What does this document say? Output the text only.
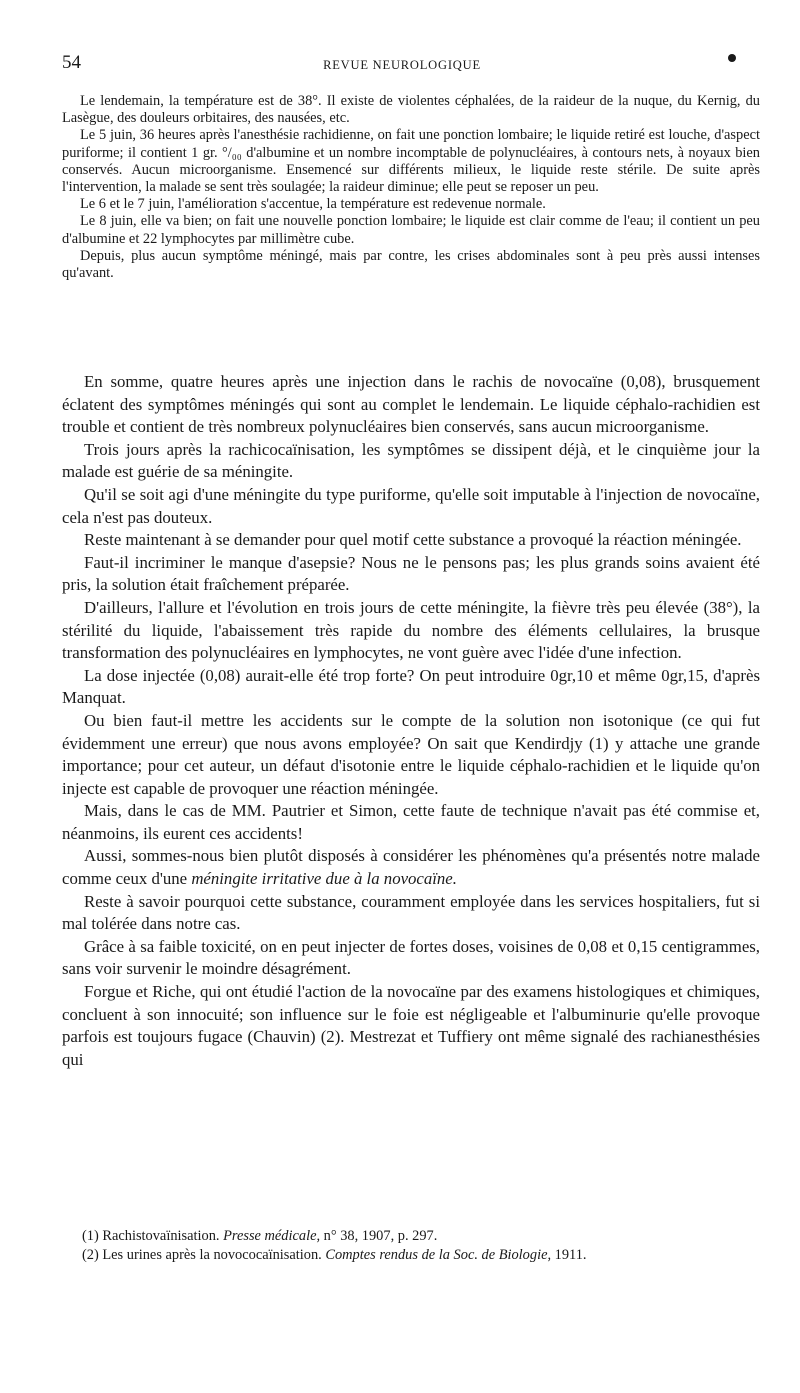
54	REVUE NEUROLOGIQUE

Le lendemain, la température est de 38°. Il existe de violentes céphalées, de la raideur de la nuque, du Kernig, du Lasègue, des douleurs orbitaires, des nausées, etc.

Le 5 juin, 36 heures après l'anesthésie rachidienne, on fait une ponction lombaire; le liquide retiré est louche, d'aspect puriforme; il contient 1 gr. °/₀₀ d'albumine et un nombre incomptable de polynucléaires, à contours nets, à noyaux bien conservés. Aucun microorganisme. Ensemencé sur différents milieux, le liquide reste stérile. De suite après l'intervention, la malade se sent très soulagée; la raideur diminue; elle peut se reposer un peu.

Le 6 et le 7 juin, l'amélioration s'accentue, la température est redevenue normale.

Le 8 juin, elle va bien; on fait une nouvelle ponction lombaire; le liquide est clair comme de l'eau; il contient un peu d'albumine et 22 lymphocytes par millimètre cube.

Depuis, plus aucun symptôme méningé, mais par contre, les crises abdominales sont à peu près aussi intenses qu'avant.

En somme, quatre heures après une injection dans le rachis de novocaïne (0,08), brusquement éclatent des symptômes méningés qui sont au complet le lendemain. Le liquide céphalo-rachidien est trouble et contient de très nombreux polynucléaires bien conservés, sans aucun microorganisme.

Trois jours après la rachicocaïnisation, les symptômes se dissipent déjà, et le cinquième jour la malade est guérie de sa méningite.

Qu'il se soit agi d'une méningite du type puriforme, qu'elle soit imputable à l'injection de novocaïne, cela n'est pas douteux.

Reste maintenant à se demander pour quel motif cette substance a provoqué la réaction méningée.

Faut-il incriminer le manque d'asepsie? Nous ne le pensons pas; les plus grands soins avaient été pris, la solution était fraîchement préparée.

D'ailleurs, l'allure et l'évolution en trois jours de cette méningite, la fièvre très peu élevée (38°), la stérilité du liquide, l'abaissement très rapide du nombre des éléments cellulaires, la brusque transformation des polynucléaires en lymphocytes, ne vont guère avec l'idée d'une infection.

La dose injectée (0,08) aurait-elle été trop forte? On peut introduire 0gr,10 et même 0gr,15, d'après Manquat.

Ou bien faut-il mettre les accidents sur le compte de la solution non isotonique (ce qui fut évidemment une erreur) que nous avons employée? On sait que Kendirdjy (1) y attache une grande importance; pour cet auteur, un défaut d'isotonie entre le liquide céphalo-rachidien et le liquide qu'on injecte est capable de provoquer une réaction méningée.

Mais, dans le cas de MM. Pautrier et Simon, cette faute de technique n'avait pas été commise et, néanmoins, ils eurent ces accidents!

Aussi, sommes-nous bien plutôt disposés à considérer les phénomènes qu'a présentés notre malade comme ceux d'une méningite irritative due à la novocaïne.

Reste à savoir pourquoi cette substance, couramment employée dans les services hospitaliers, fut si mal tolérée dans notre cas.

Grâce à sa faible toxicité, on en peut injecter de fortes doses, voisines de 0,08 et 0,15 centigrammes, sans voir survenir le moindre désagrément.

Forgue et Riche, qui ont étudié l'action de la novocaïne par des examens histologiques et chimiques, concluent à son innocuité; son influence sur le foie est négligeable et l'albuminurie qu'elle provoque parfois est toujours fugace (Chauvin) (2). Mestrezat et Tuffiery ont même signalé des rachianesthésies qui

(1) Rachistovaïnisation. Presse médicale, n° 38, 1907, p. 297.

(2) Les urines après la novococaïnisation. Comptes rendus de la Soc. de Biologie, 1911.
